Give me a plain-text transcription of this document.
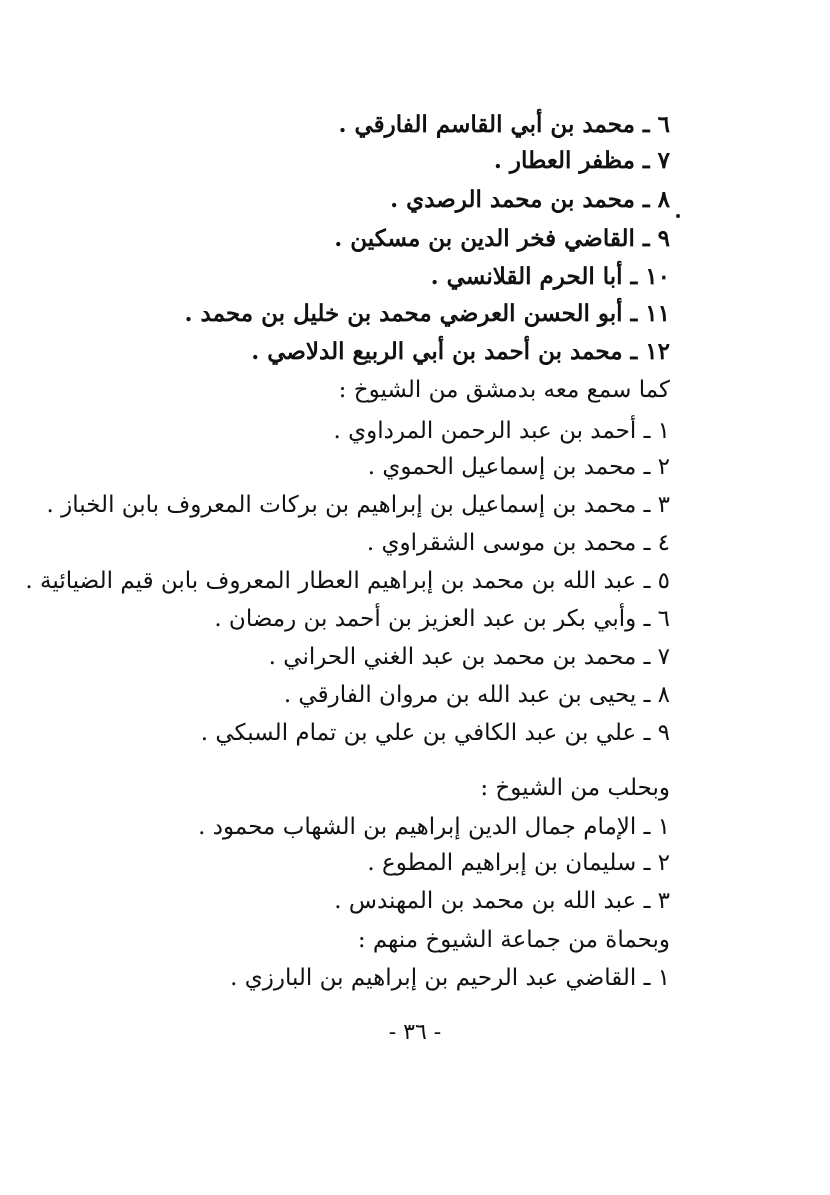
٦ ـ محمد بن أبي القاسم الفارقي .
٧ ـ مظفر العطار .
٨ ـ محمد بن محمد الرصدي .
٩ ـ القاضي فخر الدين بن مسكين .
١٠ ـ أبا الحرم القلانسي .
١١ ـ أبو الحسن العرضي محمد بن خليل بن محمد .
١٢ ـ محمد بن أحمد بن أبي الربيع الدلاصي .
كما سمع معه بدمشق من الشيوخ :
١ ـ أحمد بن عبد الرحمن المرداوي .
٢ ـ محمد بن إسماعيل الحموي .
٣ ـ محمد بن إسماعيل بن إبراهيم بن بركات المعروف بابن الخباز .
٤ ـ محمد بن موسى الشقراوي .
٥ ـ عبد الله بن محمد بن إبراهيم العطار المعروف بابن قيم الضيائية .
٦ ـ وأبي بكر بن عبد العزيز بن أحمد بن رمضان .
٧ ـ محمد بن محمد بن عبد الغني الحراني .
٨ ـ يحيى بن عبد الله بن مروان الفارقي .
٩ ـ علي بن عبد الكافي بن علي بن تمام السبكي .
وبحلب من الشيوخ :
١ ـ الإمام جمال الدين إبراهيم بن الشهاب محمود .
٢ ـ سليمان بن إبراهيم المطوع .
٣ ـ عبد الله بن محمد بن المهندس .
وبحماة من جماعة الشيوخ منهم :
١ ـ القاضي عبد الرحيم بن إبراهيم بن البارزي .
- ٣٦ -
